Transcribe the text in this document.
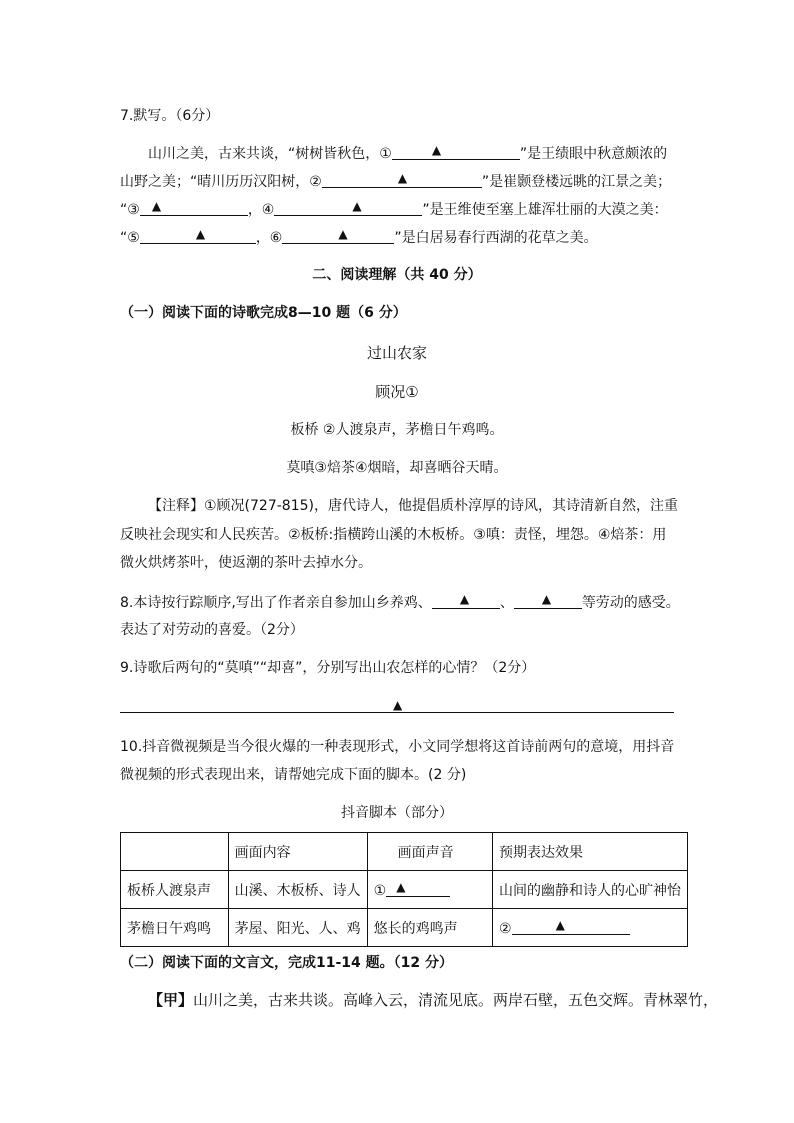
7.默写。（6分）
山川之美，古来共谈，“树树皆秋色，①	▲	”是王绩眼中秋意颇浓的
山野之美；“晴川历历汉阳树，②	▲	”是崔颢登楼远眺的江景之美；
“③ ▲	，④	▲	”是王维使至塞上雄浑壮丽的大漠之美：
“⑤	▲	，⑥	▲	”是白居易春行西湖的花草之美。
二、阅读理解（共 40 分）
（一）阅读下面的诗歌完成8—10 题（6 分）
过山农家
顾况①
板桥 ②人渡泉声，茅檐日午鸡鸣。
莫嗔③焙茶④烟暗，却喜晒谷天晴。
【注释】①顾况(727-815)，唐代诗人，他提倡质朴淳厚的诗风，其诗清新自然，注重
反映社会现实和人民疾苦。②板桥:指横跨山溪的木板桥。③嗔：责怪，埋怨。④焙茶：用
微火烘烤茶叶，使返潮的茶叶去掉水分。
8.本诗按行踪顺序,写出了作者亲自参加山乡养鸡、 ▲ 、 ▲ 等劳动的感受。
表达了对劳动的喜爱。（2分）
9.诗歌后两句的“莫嗔”“却喜”，分别写出山农怎样的心情？（2分）
▲
10.抖音微视频是当今很火爆的一种表现形式，小文同学想将这首诗前两句的意境，用抖音
微视频的形式表现出来，请帮她完成下面的脚本。(2 分)
抖音脚本（部分）
	画面内容	画面声音	预期表达效果
板桥人渡泉声	山溪、木板桥、诗人	① ▲	山间的幽静和诗人的心旷神怡
茅檐日午鸡鸣	茅屋、阳光、人、鸡	悠长的鸡鸣声	② ▲
（二）阅读下面的文言文，完成11-14 题。（12 分）
【甲】山川之美，古来共谈。高峰入云，清流见底。两岸石壁，五色交辉。青林翠竹，
